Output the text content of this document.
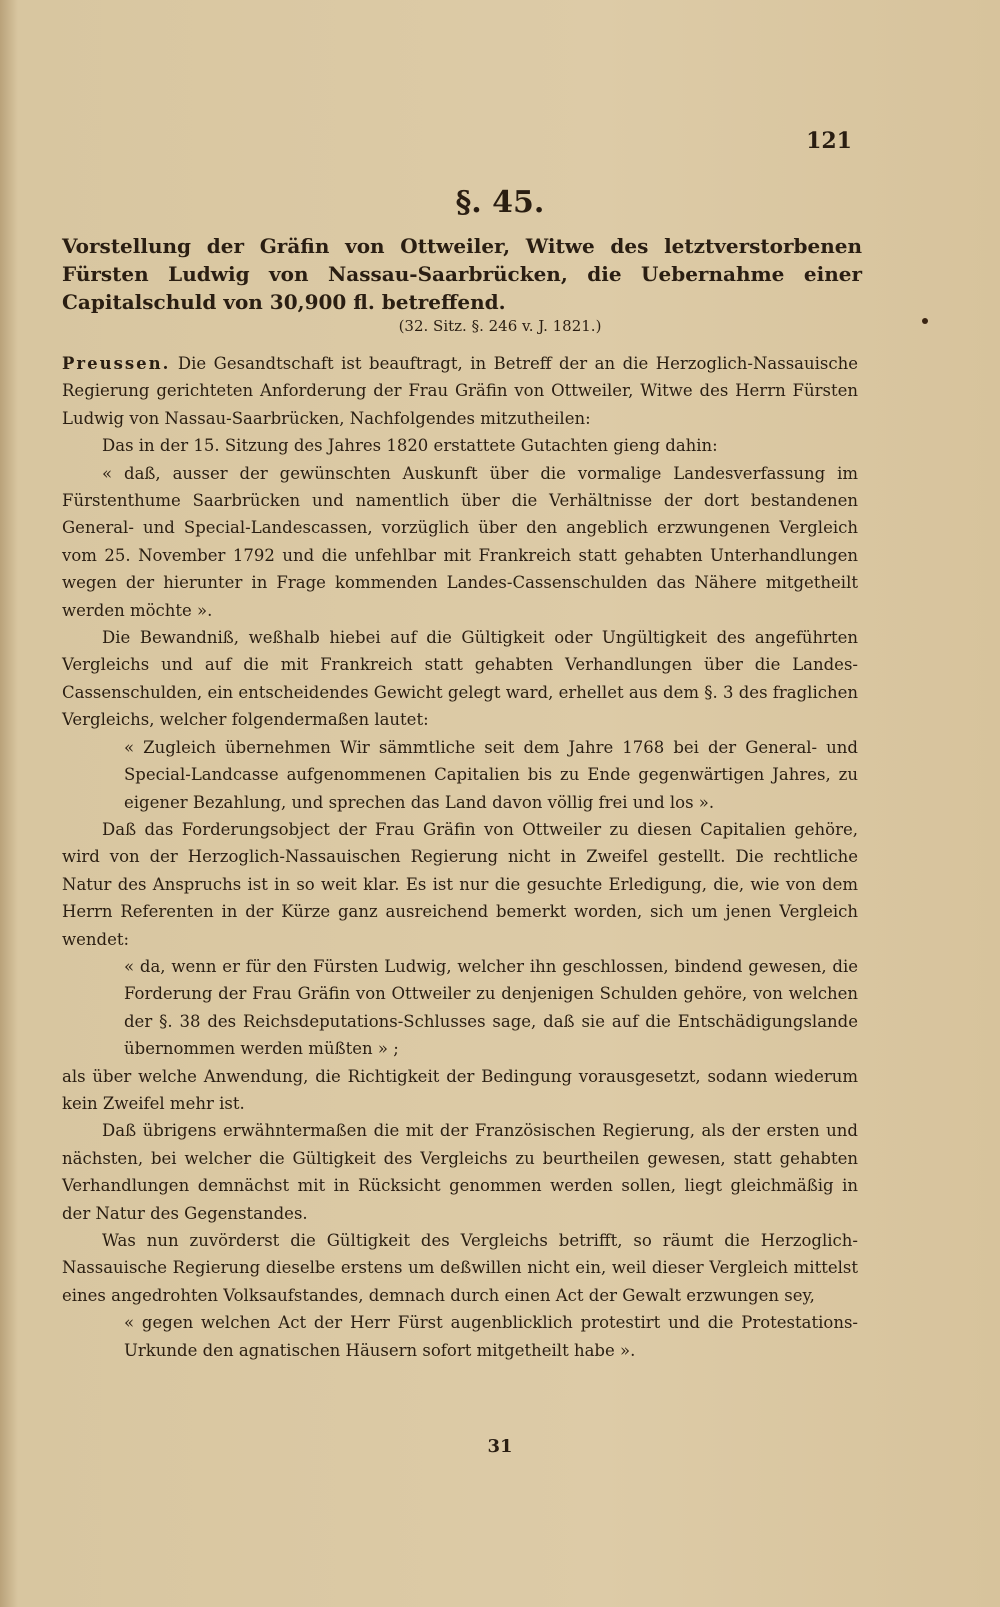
121
§. 45.
Vorstellung der Gräfin von Ottweiler, Witwe des letztverstorbenen Fürsten Ludwig von Nassau-Saarbrücken, die Uebernahme einer Capitalschuld von 30,900 fl. betreffend.
(32. Sitz. §. 246 v. J. 1821.)

Preussen. Die Gesandtschaft ist beauftragt, in Betreff der an die Herzoglich-Nassauische Regierung gerichteten Anforderung der Frau Gräfin von Ottweiler, Witwe des Herrn Fürsten Ludwig von Nassau-Saarbrücken, Nachfolgendes mitzutheilen:

Das in der 15. Sitzung des Jahres 1820 erstattete Gutachten gieng dahin:

« daß, ausser der gewünschten Auskunft über die vormalige Landesverfassung im Fürstenthume Saarbrücken und namentlich über die Verhältnisse der dort bestandenen General- und Special-Landescassen, vorzüglich über den angeblich erzwungenen Vergleich vom 25. November 1792 und die unfehlbar mit Frankreich statt gehabten Unterhandlungen wegen der hierunter in Frage kommenden Landes-Cassenschulden das Nähere mitgetheilt werden möchte ».

Die Bewandniß, weßhalb hiebei auf die Gültigkeit oder Ungültigkeit des angeführten Vergleichs und auf die mit Frankreich statt gehabten Verhandlungen über die Landes-Cassenschulden, ein entscheidendes Gewicht gelegt ward, erhellet aus dem §. 3 des fraglichen Vergleichs, welcher folgendermaßen lautet:

« Zugleich übernehmen Wir sämmtliche seit dem Jahre 1768 bei der General- und Special-Landcasse aufgenommenen Capitalien bis zu Ende gegenwärtigen Jahres, zu eigener Bezahlung, und sprechen das Land davon völlig frei und los ».

Daß das Forderungsobject der Frau Gräfin von Ottweiler zu diesen Capitalien gehöre, wird von der Herzoglich-Nassauischen Regierung nicht in Zweifel gestellt. Die rechtliche Natur des Anspruchs ist in so weit klar. Es ist nur die gesuchte Erledigung, die, wie von dem Herrn Referenten in der Kürze ganz ausreichend bemerkt worden, sich um jenen Vergleich wendet:

« da, wenn er für den Fürsten Ludwig, welcher ihn geschlossen, bindend gewesen, die Forderung der Frau Gräfin von Ottweiler zu denjenigen Schulden gehöre, von welchen der §. 38 des Reichsdeputations-Schlusses sage, daß sie auf die Entschädigungslande übernommen werden müßten » ;

als über welche Anwendung, die Richtigkeit der Bedingung vorausgesetzt, sodann wiederum kein Zweifel mehr ist.

Daß übrigens erwähntermaßen die mit der Französischen Regierung, als der ersten und nächsten, bei welcher die Gültigkeit des Vergleichs zu beurtheilen gewesen, statt gehabten Verhandlungen demnächst mit in Rücksicht genommen werden sollen, liegt gleichmäßig in der Natur des Gegenstandes.

Was nun zuvörderst die Gültigkeit des Vergleichs betrifft, so räumt die Herzoglich-Nassauische Regierung dieselbe erstens um deßwillen nicht ein, weil dieser Vergleich mittelst eines angedrohten Volksaufstandes, demnach durch einen Act der Gewalt erzwungen sey,

« gegen welchen Act der Herr Fürst augenblicklich protestirt und die Protestations-Urkunde den agnatischen Häusern sofort mitgetheilt habe ».

31
